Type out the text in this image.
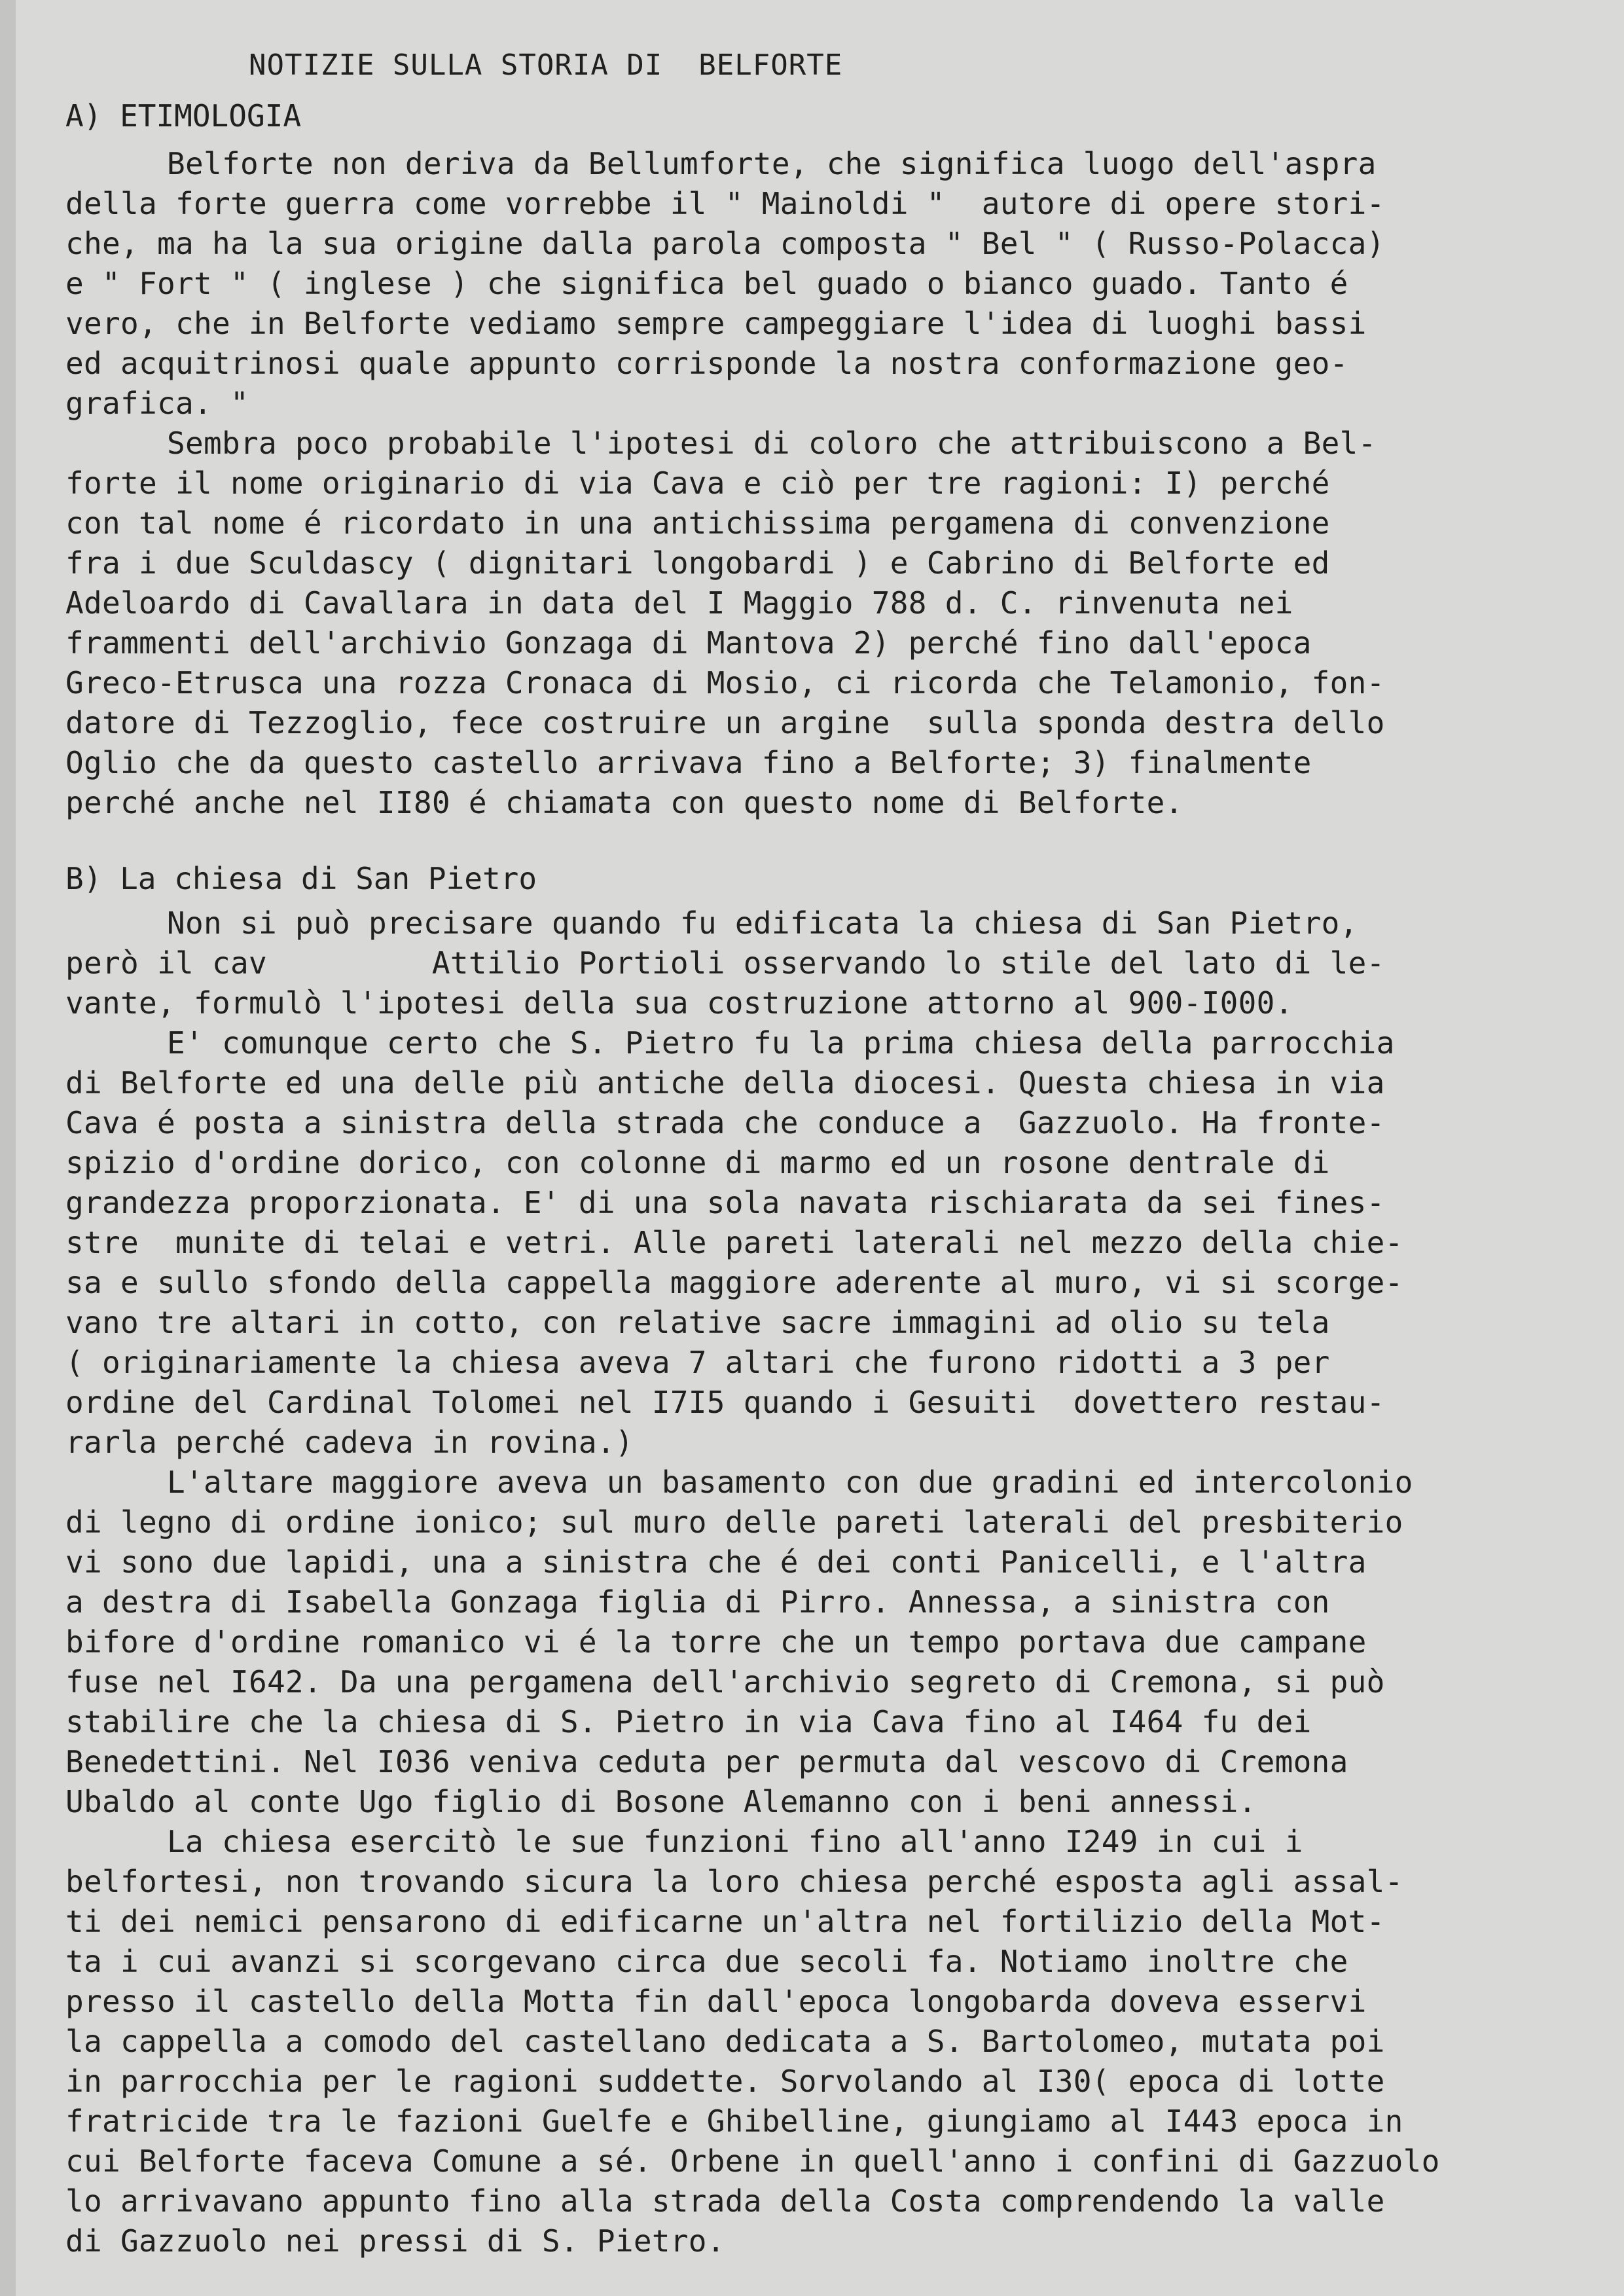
NOTIZIE SULLA STORIA DI  BELFORTE
A) ETIMOLOGIA
Belforte non deriva da Bellumforte, che significa luogo dell'aspra
della forte guerra come vorrebbe il " Mainoldi "  autore di opere stori-
che, ma ha la sua origine dalla parola composta " Bel " ( Russo-Polacca)
e " Fort " ( inglese ) che significa bel guado o bianco guado. Tanto é
vero, che in Belforte vediamo sempre campeggiare l'idea di luoghi bassi
ed acquitrinosi quale appunto corrisponde la nostra conformazione geo-
grafica. "
Sembra poco probabile l'ipotesi di coloro che attribuiscono a Bel-
forte il nome originario di via Cava e ciò per tre ragioni: I) perché
con tal nome é ricordato in una antichissima pergamena di convenzione
fra i due Sculdascy ( dignitari longobardi ) e Cabrino di Belforte ed
Adeloardo di Cavallara in data del I Maggio 788 d. C. rinvenuta nei
frammenti dell'archivio Gonzaga di Mantova 2) perché fino dall'epoca
Greco-Etrusca una rozza Cronaca di Mosio, ci ricorda che Telamonio, fon-
datore di Tezzoglio, fece costruire un argine  sulla sponda destra dello
Oglio che da questo castello arrivava fino a Belforte; 3) finalmente
perché anche nel II80 é chiamata con questo nome di Belforte.
B) La chiesa di San Pietro
Non si può precisare quando fu edificata la chiesa di San Pietro,
però il cav         Attilio Portioli osservando lo stile del lato di le-
vante, formulò l'ipotesi della sua costruzione attorno al 900-I000.
E' comunque certo che S. Pietro fu la prima chiesa della parrocchia
di Belforte ed una delle più antiche della diocesi. Questa chiesa in via
Cava é posta a sinistra della strada che conduce a  Gazzuolo. Ha fronte-
spizio d'ordine dorico, con colonne di marmo ed un rosone dentrale di
grandezza proporzionata. E' di una sola navata rischiarata da sei fines-
stre  munite di telai e vetri. Alle pareti laterali nel mezzo della chie-
sa e sullo sfondo della cappella maggiore aderente al muro, vi si scorge-
vano tre altari in cotto, con relative sacre immagini ad olio su tela
( originariamente la chiesa aveva 7 altari che furono ridotti a 3 per
ordine del Cardinal Tolomei nel I7I5 quando i Gesuiti  dovettero restau-
rarla perché cadeva in rovina.)
L'altare maggiore aveva un basamento con due gradini ed intercolonio
di legno di ordine ionico; sul muro delle pareti laterali del presbiterio
vi sono due lapidi, una a sinistra che é dei conti Panicelli, e l'altra
a destra di Isabella Gonzaga figlia di Pirro. Annessa, a sinistra con
bifore d'ordine romanico vi é la torre che un tempo portava due campane
fuse nel I642. Da una pergamena dell'archivio segreto di Cremona, si può
stabilire che la chiesa di S. Pietro in via Cava fino al I464 fu dei
Benedettini. Nel I036 veniva ceduta per permuta dal vescovo di Cremona
Ubaldo al conte Ugo figlio di Bosone Alemanno con i beni annessi.
La chiesa esercitò le sue funzioni fino all'anno I249 in cui i
belfortesi, non trovando sicura la loro chiesa perché esposta agli assal-
ti dei nemici pensarono di edificarne un'altra nel fortilizio della Mot-
ta i cui avanzi si scorgevano circa due secoli fa. Notiamo inoltre che
presso il castello della Motta fin dall'epoca longobarda doveva esservi
la cappella a comodo del castellano dedicata a S. Bartolomeo, mutata poi
in parrocchia per le ragioni suddette. Sorvolando al I30( epoca di lotte
fratricide tra le fazioni Guelfe e Ghibelline, giungiamo al I443 epoca in
cui Belforte faceva Comune a sé. Orbene in quell'anno i confini di Gazzuolo
lo arrivavano appunto fino alla strada della Costa comprendendo la valle
di Gazzuolo nei pressi di S. Pietro.
